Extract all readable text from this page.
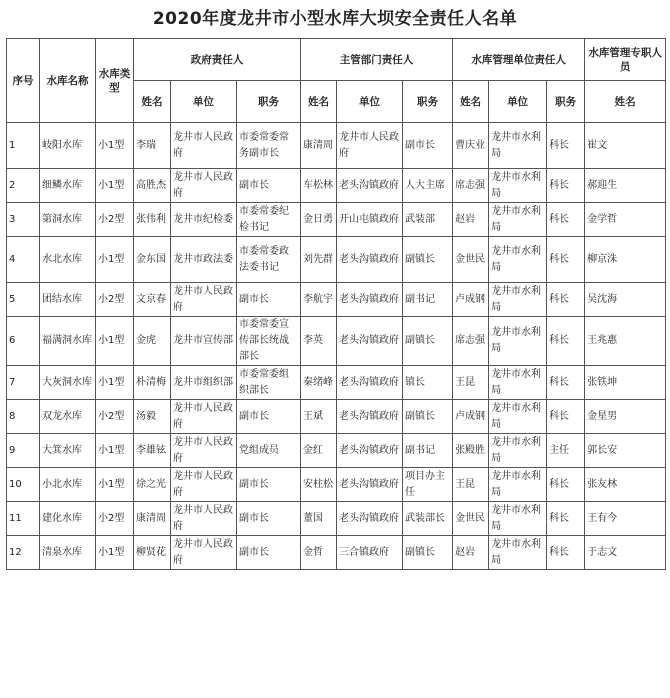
2020年度龙井市小型水库大坝安全责任人名单
序号	水库名称	水库类型	政府责任人			主管部门责任人			水库管理单位责任人			水库管理专职人员
			姓名	单位	职务	姓名	单位	职务	姓名	单位	职务	姓名
1	岐阳水库	小1型	李瑞	龙井市人民政府	市委常委常务副市长	康清周	龙井市人民政府	副市长	曹庆业	龙井市水利局	科长	崔文
2	细鳞水库	小1型	高胜杰	龙井市人民政府	副市长	车松林	老头沟镇政府	人大主席	席志强	龙井市水利局	科长	郝迎生
3	第洞水库	小2型	张伟利	龙井市纪检委	市委常委纪检书记	金日勇	开山屯镇政府	武装部	赵岩	龙井市水利局	科长	金学哲
4	水北水库	小1型	金东国	龙井市政法委	市委常委政法委书记	刘先群	老头沟镇政府	副镇长	金世民	龙井市水利局	科长	柳京洙
5	团结水库	小2型	文京春	龙井市人民政府	副市长	李航宇	老头沟镇政府	副书记	卢成钢	龙井市水利局	科长	吴沈海
6	福满洞水库	小1型	金虎	龙井市宣传部	市委常委宣传部长统战部长	李英	老头沟镇政府	副镇长	席志强	龙井市水利局	科长	王兆惠
7	大灰洞水库	小1型	朴清梅	龙井市组织部	市委常委组织部长	秦绪峰	老头沟镇政府	镇长	王昆	龙井市水利局	科长	张铁坤
8	双龙水库	小2型	汤毅	龙井市人民政府	副市长	王斌	老头沟镇政府	副镇长	卢成钢	龙井市水利局	科长	金星男
9	大箕水库	小1型	李雄铉	龙井市人民政府	党组成员	金红	老头沟镇政府	副书记	张殿胜	龙井市水利局	主任	郭长安
10	小北水库	小1型	徐之光	龙井市人民政府	副市长	安柱松	老头沟镇政府	项目办主任	王昆	龙井市水利局	科长	张友林
11	建化水库	小2型	康清周	龙井市人民政府	副市长	董国	老头沟镇政府	武装部长	金世民	龙井市水利局	科长	王有今
12	清泉水库	小1型	柳贤花	龙井市人民政府	副市长	金哲	三合镇政府	副镇长	赵岩	龙井市水利局	科长	于志文
